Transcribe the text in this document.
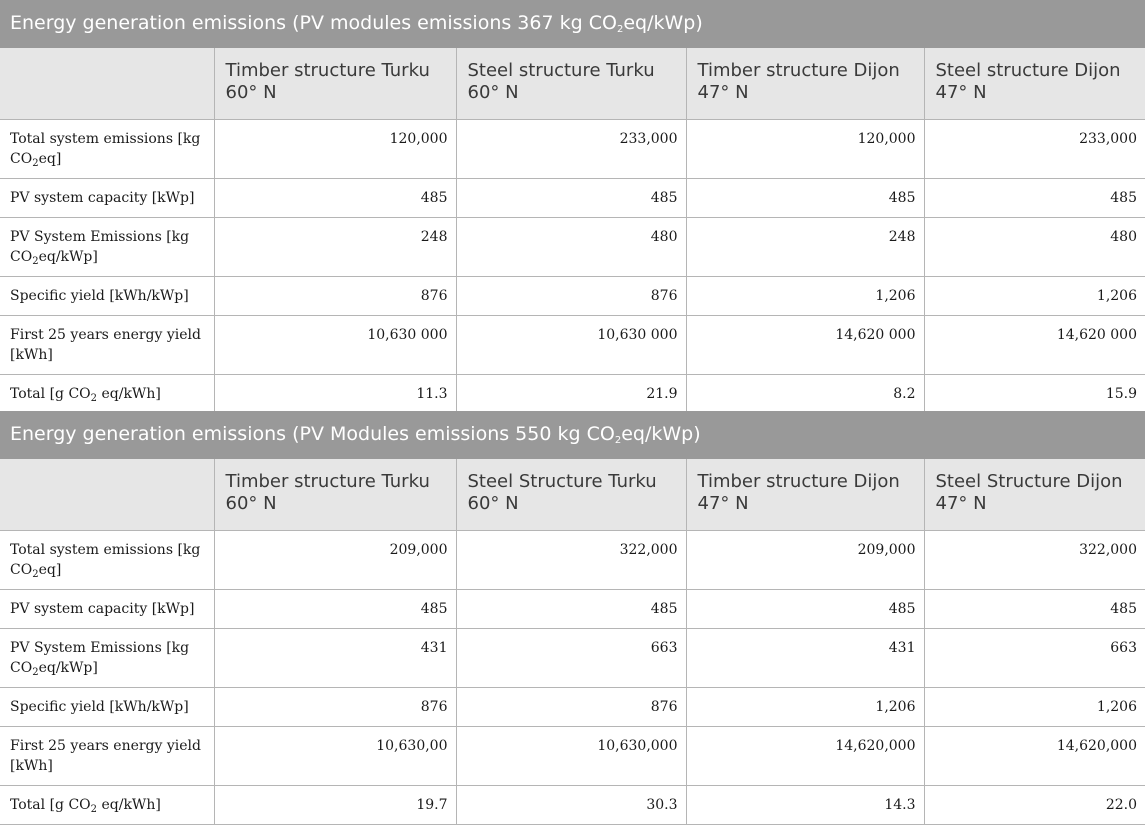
Energy generation emissions (PV modules emissions 367 kg $CO_2eq/kWp$)
	Timber structure Turku 60° N	Steel structure Turku 60° N	Timber structure Dijon 47° N	Steel structure Dijon 47° N
Total system emissions [kg $CO_2eq$]	120,000	233,000	120,000	233,000
PV system capacity [kWp]	485	485	485	485
PV System Emissions [kg $CO_2eq/kWp$]	248	480	248	480
Specific yield [kWh/kWp]	876	876	1,206	1,206
First 25 years energy yield [kWh]	10,630 000	10,630 000	14,620 000	14,620 000
Total [g $CO_2$ eq/kWh]	11.3	21.9	8.2	15.9
Energy generation emissions (PV Modules emissions 550 kg $CO_2eq/kWp$)
	Timber structure Turku 60° N	Steel Structure Turku 60° N	Timber structure Dijon 47° N	Steel Structure Dijon 47° N
Total system emissions [kg $CO_2eq$]	209,000	322,000	209,000	322,000
PV system capacity [kWp]	485	485	485	485
PV System Emissions [kg $CO_2eq/kWp$]	431	663	431	663
Specific yield [kWh/kWp]	876	876	1,206	1,206
First 25 years energy yield [kWh]	10,630,00	10,630,000	14,620,000	14,620,000
Total [g $CO_2$ eq/kWh]	19.7	30.3	14.3	22.0
